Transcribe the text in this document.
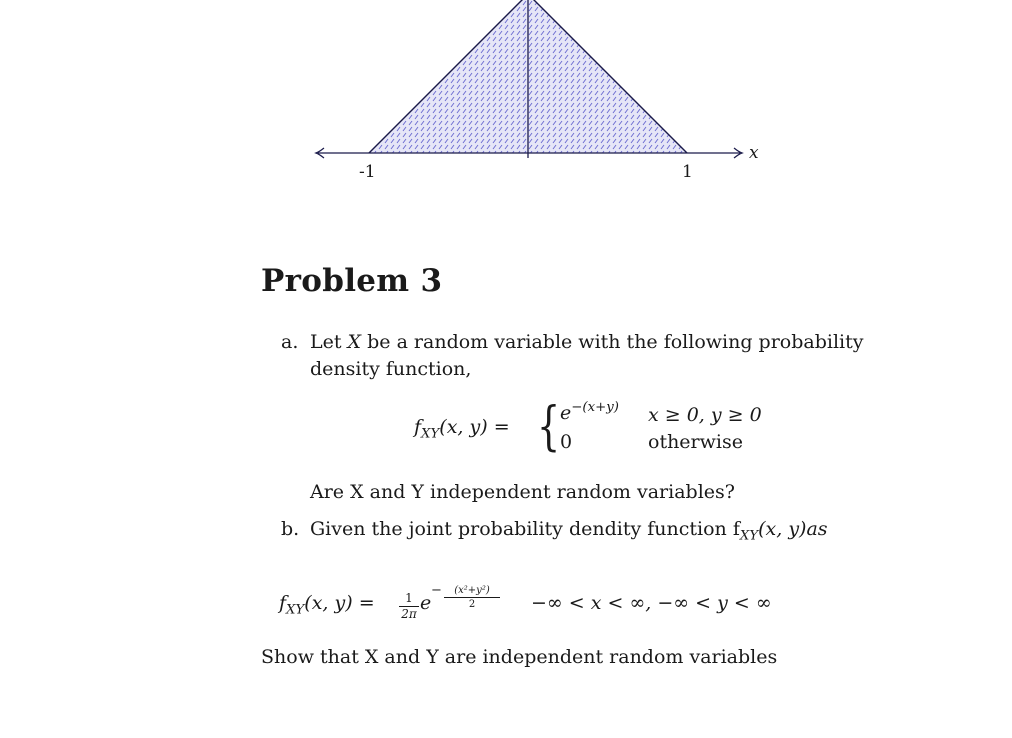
x
-1	1
Problem 3
a. Let X be a random variable with the following probability
density function,
$f_{XY}(x$, y) = { $e^{-(x+y)}$ x ≥ 0, y ≥ 0
0	otherwise
Are X and Y independent random variables?
b. Given the joint probability dendity function $f_{XY}(x$, y)as
$f_{XY}(x$, y) =	1
2π e
−	(x²+y²)
2	−∞ < x < ∞, −∞ < y < ∞
Show that X and Y are independent random variables
